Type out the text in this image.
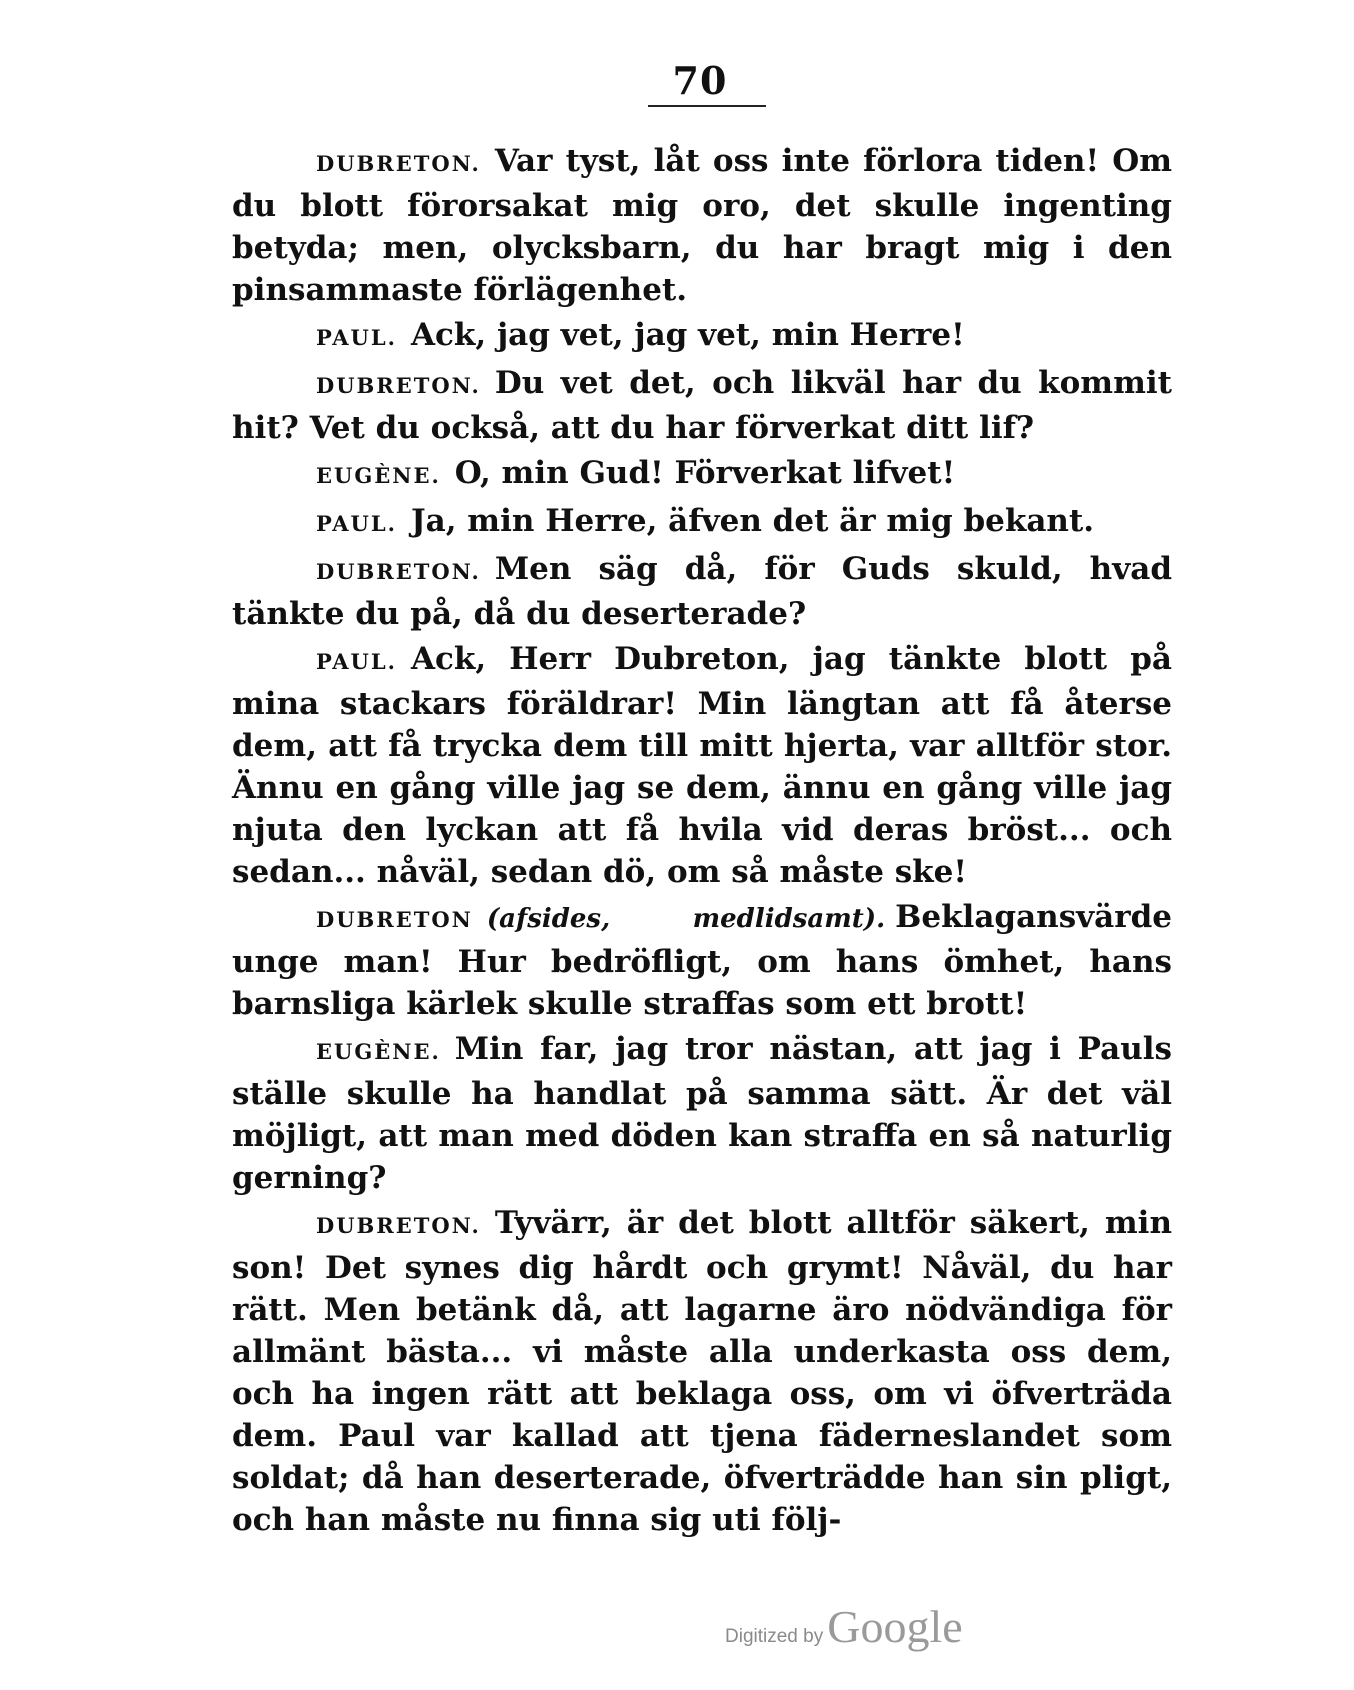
70

DUBRETON. Var tyst, låt oss inte förlora tiden! Om du blott förorsakat mig oro, det skulle ingenting betyda; men, olycksbarn, du har bragt mig i den pinsammaste förlägenhet.

PAUL. Ack, jag vet, jag vet, min Herre!

DUBRETON. Du vet det, och likväl har du kommit hit? Vet du också, att du har förverkat ditt lif?

EUGÈNE. O, min Gud! Förverkat lifvet!

PAUL. Ja, min Herre, äfven det är mig bekant.

DUBRETON. Men säg då, för Guds skuld, hvad tänkte du på, då du deserterade?

PAUL. Ack, Herr Dubreton, jag tänkte blott på mina stackars föräldrar! Min längtan att få återse dem, att få trycka dem till mitt hjerta, var alltför stor. Ännu en gång ville jag se dem, ännu en gång ville jag njuta den lyckan att få hvila vid deras bröst... och sedan... nåväl, sedan dö, om så måste ske!

DUBRETON (afsides, medlidsamt). Beklagansvärde unge man! Hur bedröfligt, om hans ömhet, hans barnsliga kärlek skulle straffas som ett brott!

EUGÈNE. Min far, jag tror nästan, att jag i Pauls ställe skulle ha handlat på samma sätt. Är det väl möjligt, att man med döden kan straffa en så naturlig gerning?

DUBRETON. Tyvärr, är det blott alltför säkert, min son! Det synes dig hårdt och grymt! Nåväl, du har rätt. Men betänk då, att lagarne äro nödvändiga för allmänt bästa... vi måste alla underkasta oss dem, och ha ingen rätt att beklaga oss, om vi öfverträda dem. Paul var kallad att tjena fäderneslandet som soldat; då han deserterade, öfverträdde han sin pligt, och han måste nu finna sig uti följ-

Digitized by Google
